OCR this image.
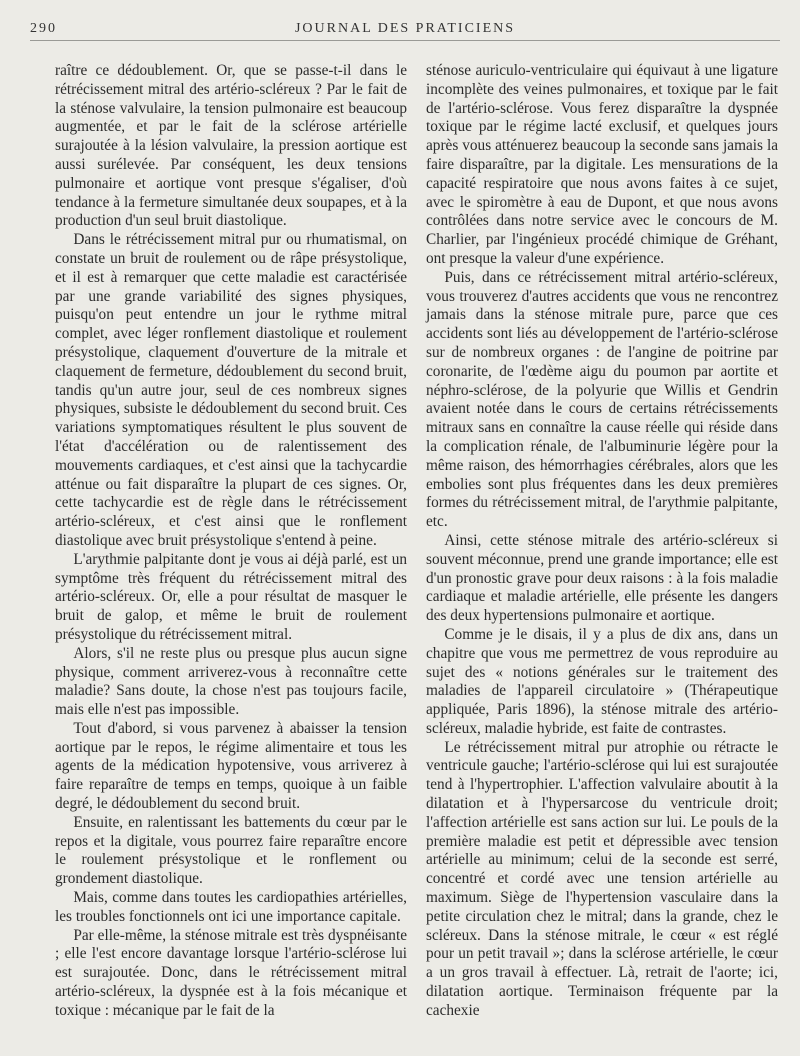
290	JOURNAL DES PRATICIENS

raître ce dédoublement. Or, que se passe-t-il dans le rétrécissement mitral des artério-scléreux ? Par le fait de la sténose valvulaire, la tension pulmonaire est beaucoup augmentée, et par le fait de la sclérose artérielle surajoutée à la lésion valvulaire, la pression aortique est aussi surélevée. Par conséquent, les deux tensions pulmonaire et aortique vont presque s'égaliser, d'où tendance à la fermeture simultanée deux soupapes, et à la production d'un seul bruit diastolique.

Dans le rétrécissement mitral pur ou rhumatismal, on constate un bruit de roulement ou de râpe présystolique, et il est à remarquer que cette maladie est caractérisée par une grande variabilité des signes physiques, puisqu'on peut entendre un jour le rythme mitral complet, avec léger ronflement diastolique et roulement présystolique, claquement d'ouverture de la mitrale et claquement de fermeture, dédoublement du second bruit, tandis qu'un autre jour, seul de ces nombreux signes physiques, subsiste le dédoublement du second bruit. Ces variations symptomatiques résultent le plus souvent de l'état d'accélération ou de ralentissement des mouvements cardiaques, et c'est ainsi que la tachycardie atténue ou fait disparaître la plupart de ces signes. Or, cette tachycardie est de règle dans le rétrécissement artério-scléreux, et c'est ainsi que le ronflement diastolique avec bruit présystolique s'entend à peine.

L'arythmie palpitante dont je vous ai déjà parlé, est un symptôme très fréquent du rétrécissement mitral des artério-scléreux. Or, elle a pour résultat de masquer le bruit de galop, et même le bruit de roulement présystolique du rétrécissement mitral.

Alors, s'il ne reste plus ou presque plus aucun signe physique, comment arriverez-vous à reconnaître cette maladie? Sans doute, la chose n'est pas toujours facile, mais elle n'est pas impossible.

Tout d'abord, si vous parvenez à abaisser la tension aortique par le repos, le régime alimentaire et tous les agents de la médication hypotensive, vous arriverez à faire reparaître de temps en temps, quoique à un faible degré, le dédoublement du second bruit.

Ensuite, en ralentissant les battements du cœur par le repos et la digitale, vous pourrez faire reparaître encore le roulement présystolique et le ronflement ou grondement diastolique.

Mais, comme dans toutes les cardiopathies artérielles, les troubles fonctionnels ont ici une importance capitale.

Par elle-même, la sténose mitrale est très dyspnéisante ; elle l'est encore davantage lorsque l'artério-sclérose lui est surajoutée. Donc, dans le rétrécissement mitral artério-scléreux, la dyspnée est à la fois mécanique et toxique : mécanique par le fait de la

sténose auriculo-ventriculaire qui équivaut à une ligature incomplète des veines pulmonaires, et toxique par le fait de l'artério-sclérose. Vous ferez disparaître la dyspnée toxique par le régime lacté exclusif, et quelques jours après vous atténuerez beaucoup la seconde sans jamais la faire disparaître, par la digitale. Les mensurations de la capacité respiratoire que nous avons faites à ce sujet, avec le spiromètre à eau de Dupont, et que nous avons contrôlées dans notre service avec le concours de M. Charlier, par l'ingénieux procédé chimique de Gréhant, ont presque la valeur d'une expérience.

Puis, dans ce rétrécissement mitral artério-scléreux, vous trouverez d'autres accidents que vous ne rencontrez jamais dans la sténose mitrale pure, parce que ces accidents sont liés au développement de l'artério-sclérose sur de nombreux organes : de l'angine de poitrine par coronarite, de l'œdème aigu du poumon par aortite et néphro-sclérose, de la polyurie que Willis et Gendrin avaient notée dans le cours de certains rétrécissements mitraux sans en connaître la cause réelle qui réside dans la complication rénale, de l'albuminurie légère pour la même raison, des hémorrhagies cérébrales, alors que les embolies sont plus fréquentes dans les deux premières formes du rétrécissement mitral, de l'arythmie palpitante, etc.

Ainsi, cette sténose mitrale des artério-scléreux si souvent méconnue, prend une grande importance; elle est d'un pronostic grave pour deux raisons : à la fois maladie cardiaque et maladie artérielle, elle présente les dangers des deux hypertensions pulmonaire et aortique.

Comme je le disais, il y a plus de dix ans, dans un chapitre que vous me permettrez de vous reproduire au sujet des « notions générales sur le traitement des maladies de l'appareil circulatoire » (Thérapeutique appliquée, Paris 1896), la sténose mitrale des artério-scléreux, maladie hybride, est faite de contrastes.

Le rétrécissement mitral pur atrophie ou rétracte le ventricule gauche; l'artério-sclérose qui lui est surajoutée tend à l'hypertrophier. L'affection valvulaire aboutit à la dilatation et à l'hypersarcose du ventricule droit; l'affection artérielle est sans action sur lui. Le pouls de la première maladie est petit et dépressible avec tension artérielle au minimum; celui de la seconde est serré, concentré et cordé avec une tension artérielle au maximum. Siège de l'hypertension vasculaire dans la petite circulation chez le mitral; dans la grande, chez le scléreux. Dans la sténose mitrale, le cœur « est réglé pour un petit travail »; dans la sclérose artérielle, le cœur a un gros travail à effectuer. Là, retrait de l'aorte; ici, dilatation aortique. Terminaison fréquente par la cachexie
